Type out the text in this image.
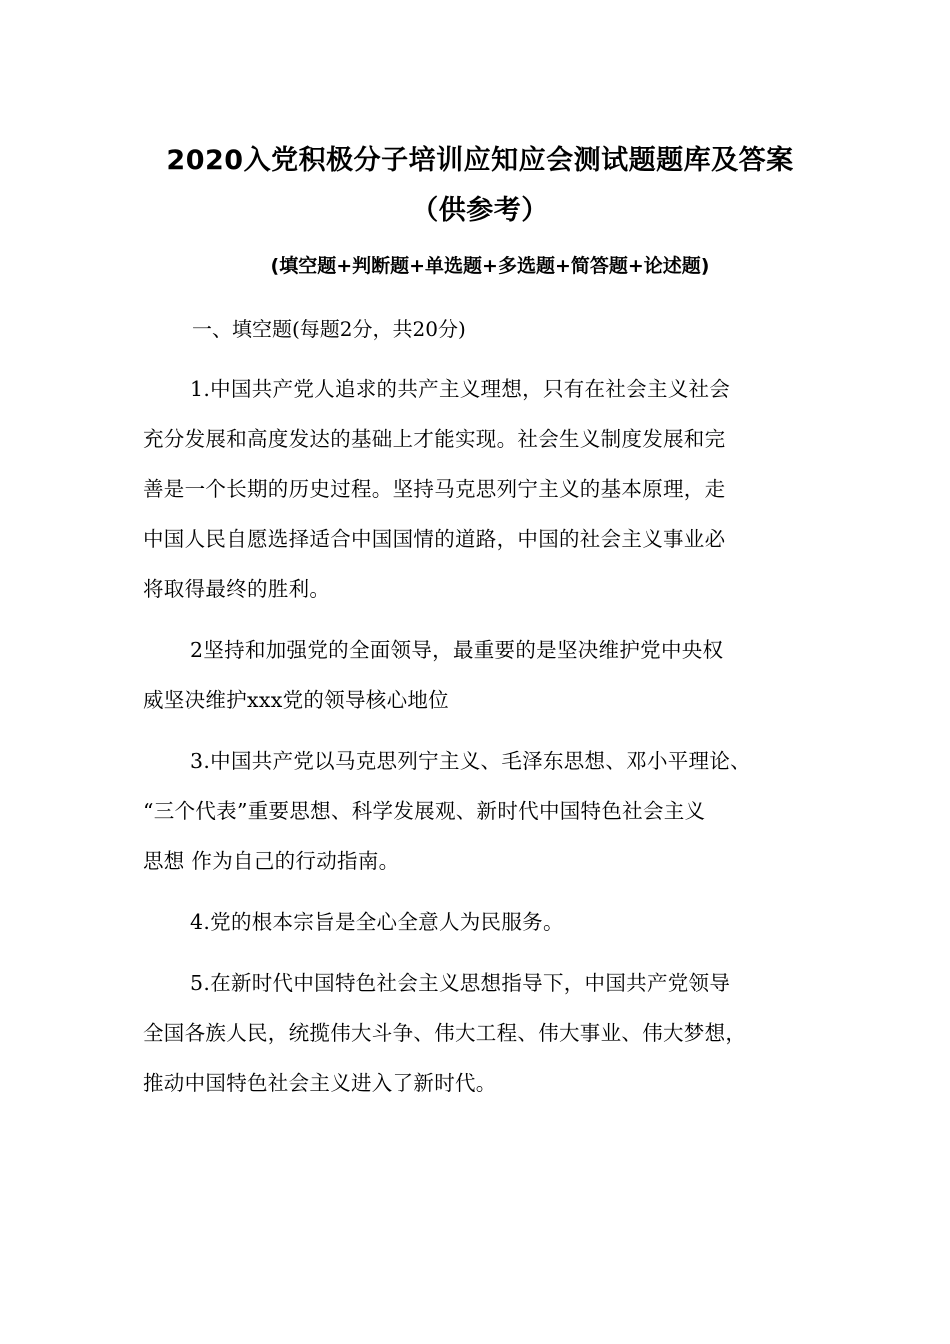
2020入党积极分子培训应知应会测试题题库及答案
（供参考）
(填空题+判断题+单选题+多选题+简答题+论述题)
一、填空题(每题2分，共20分)
1.中国共产党人追求的共产主义理想，只有在社会主义社会
充分发展和高度发达的基础上才能实现。社会生义制度发展和完
善是一个长期的历史过程。坚持马克思列宁主义的基本原理，走
中国人民自愿选择适合中国国情的道路，中国的社会主义事业必
将取得最终的胜利。
2坚持和加强党的全面领导，最重要的是坚决维护党中央权
威坚决维护xxx党的领导核心地位
3.中国共产党以马克思列宁主义、毛泽东思想、邓小平理论、
“三个代表”重要思想、科学发展观、新时代中国特色社会主义
思想 作为自己的行动指南。
4.党的根本宗旨是全心全意人为民服务。
5.在新时代中国特色社会主义思想指导下，中国共产党领导
全国各族人民，统揽伟大斗争、伟大工程、伟大事业、伟大梦想，
推动中国特色社会主义进入了新时代。
